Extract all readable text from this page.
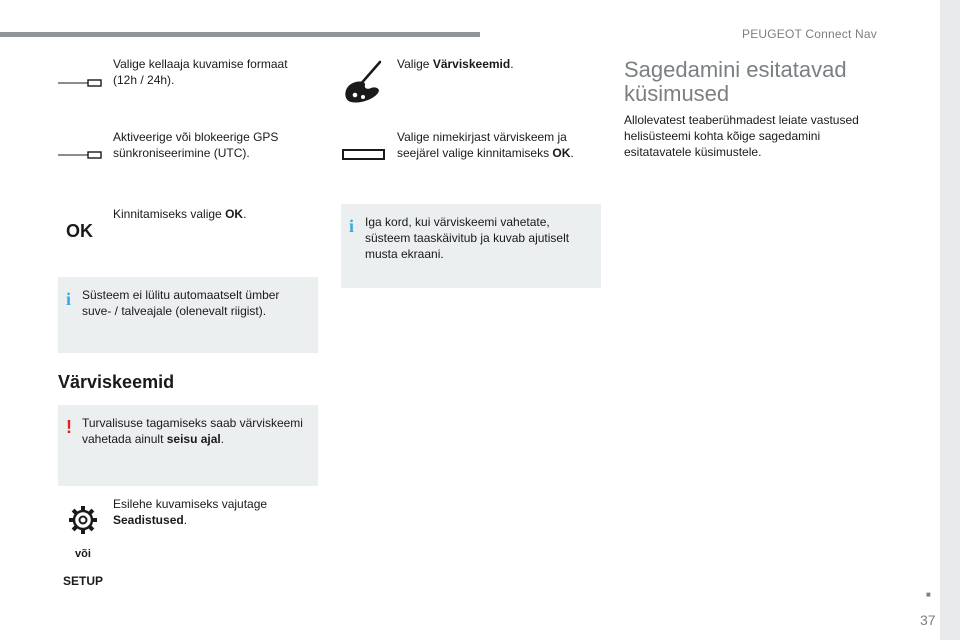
PEUGEOT Connect Nav
Valige kellaaja kuvamise formaat (12h / 24h).
Aktiveerige või blokeerige GPS sünkroniseerimine (UTC).
OK
Kinnitamiseks valige OK.
i Süsteem ei lülitu automaatselt ümber suve- / talveajale (olenevalt riigist).
Värviskeemid
! Turvalisuse tagamiseks saab värviskeemi vahetada ainult seisu ajal.
Esilehe kuvamiseks vajutage Seadistused.
või
SETUP
Valige Värviskeemid.
Valige nimekirjast värviskeem ja seejärel valige kinnitamiseks OK.
i Iga kord, kui värviskeemi vahetate, süsteem taaskäivitub ja kuvab ajutiselt musta ekraani.
Sagedamini esitatavad küsimused
Allolevatest teaberühmadest leiate vastused helisüsteemi kohta kõige sagedamini esitatavatele küsimustele.
■
37
